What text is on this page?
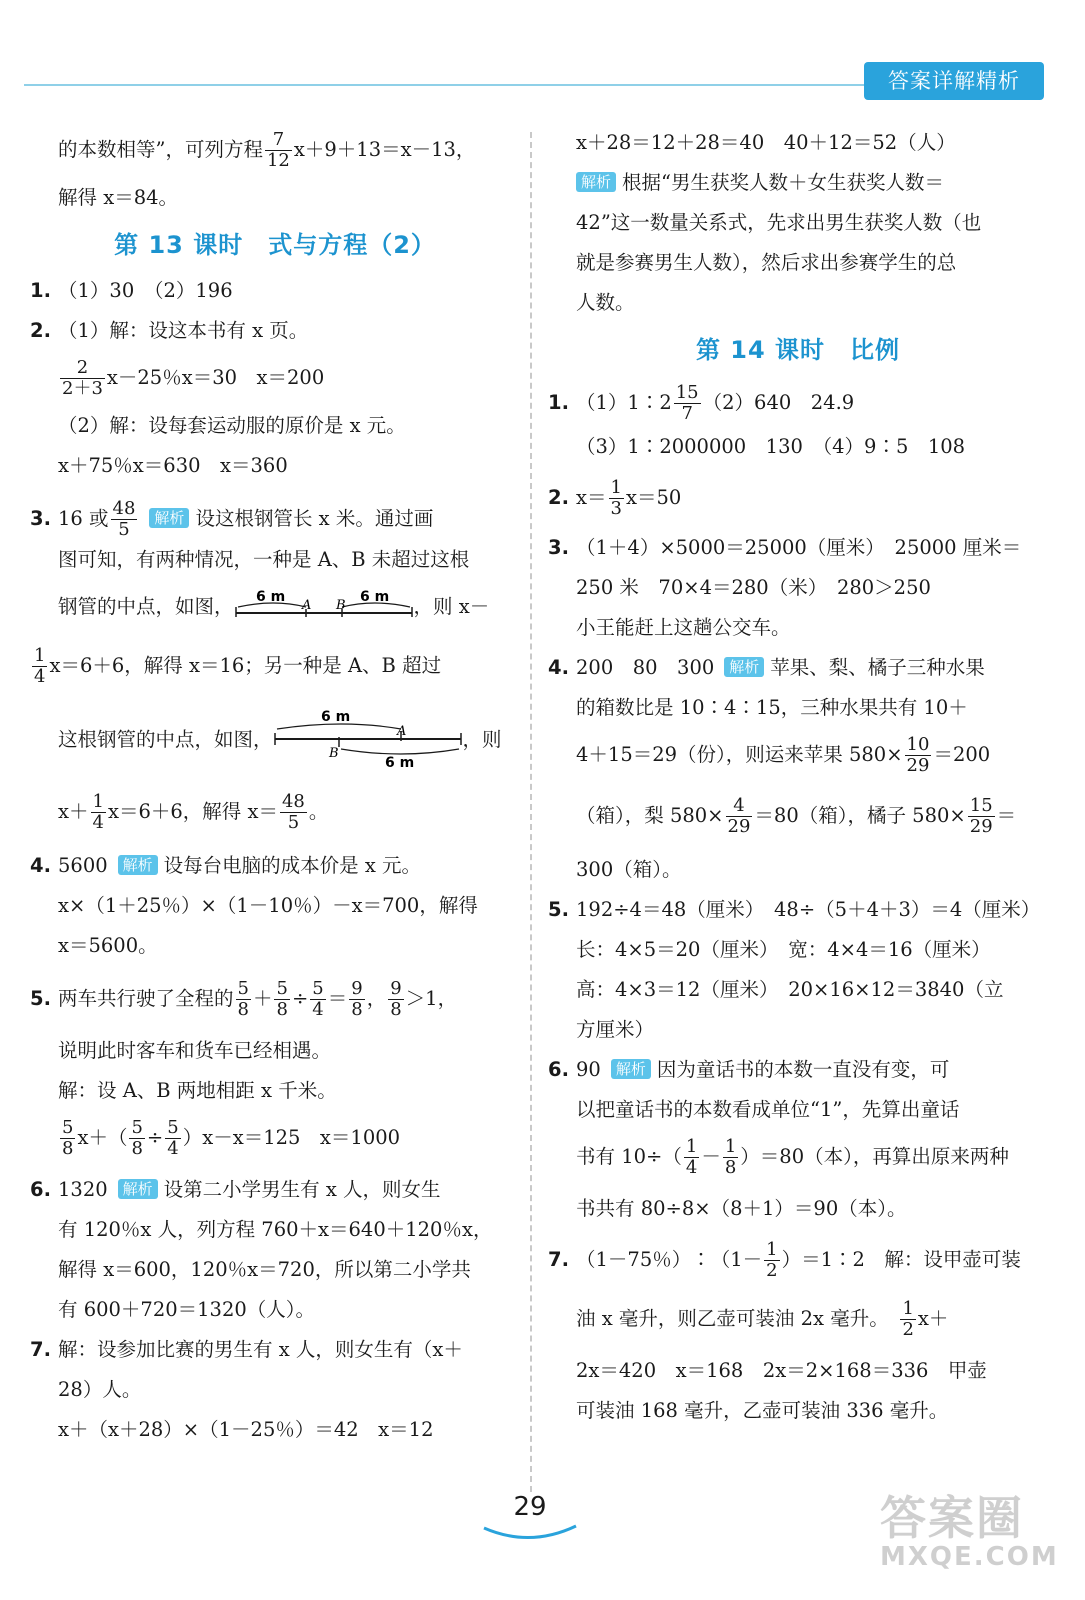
答案详解精析
的本数相等”，可列方程 $\frac{7}{12} x+9+13=x-13$，
解得 x＝84。
第 13 课时　式与方程（2）
1. （1）30　（2）196
2. （1）解：设这本书有 x 页。
$\frac{2}{2+3} x-25$％x＝30　x＝200
（2）解：设每套运动服的原价是 x 元。
x＋75％x＝630　x＝360
3. 16 或 $\frac{48}{5}$ 解析 设这根钢管长 x 米。通过画
图可知，有两种情况，一种是 A、B 未超过这根
钢管的中点，如图， 6 m
A B
6 m ，则 x－
$\frac{1}{4} x=6+6$，解得 x＝16；另一种是 A、B 超过
这根钢管的中点，如图，
6 m
A
B
6 m
，则
$x+ \frac{1}{4} x=6+6$，解得 $x= \frac{48}{5}$ 。
4. 5600 解析 设每台电脑的成本价是 x 元。
x×（1＋25％）×（1－10％）－x＝700，解得
x＝5600。
5. 两车共行驶了全程的 $\frac{5}{8} + \frac{5}{8} \div \frac{5}{4} = \frac{9}{8}$ ， $\frac{9}{8} >1$，
说明此时客车和货车已经相遇。
解：设 A、B 两地相距 x 千米。
$\frac{5}{8} x+( \frac{5}{8} \div \frac{5}{4} )x-x=125$　x＝1000
6. 1320 解析 设第二小学男生有 x 人，则女生
有 120％x 人，列方程 760＋x＝640＋120％x，
解得 x＝600，120％x＝720，所以第二小学共
有 600＋720＝1320（人）。
7. 解：设参加比赛的男生有 x 人，则女生有（x＋
28）人。
x＋（x＋28）×（1－25％）＝42　x＝12
x＋28＝12＋28＝40　40＋12＝52（人）
解析 根据“男生获奖人数＋女生获奖人数＝
42”这一数量关系式，先求出男生获奖人数（也
就是参赛男生人数），然后求出参赛学生的总
人数。
第 14 课时　比例
1. （1）1∶2 $\frac{15}{7} (2)640$　24.9
（3）1∶2000000　130　（4）9∶5　108
2. $x= \frac{1}{3} x=50$
3. （1＋4）×5000＝25000（厘米）　25000 厘米＝
250 米　70×4＝280（米）　280＞250
小王能赶上这趟公交车。
4. 200　80　300 解析 苹果、梨、橘子三种水果
的箱数比是 10∶4∶15，三种水果共有 10＋
4＋15＝29（份），则运来苹果 $580\times \frac{10}{29} =200$
（箱），梨 $580\times \frac{4}{29} =80$（箱），橘子 $580\times \frac{15}{29}$ ＝
300（箱）。
5. 192÷4＝48（厘米）　48÷（5＋4＋3）＝4（厘米）
长：4×5＝20（厘米）　宽：4×4＝16（厘米）
高：4×3＝12（厘米）　20×16×12＝3840（立
方厘米）
6. 90 解析 因为童话书的本数一直没有变，可
以把童话书的本数看成单位“1”，先算出童话
书有 $10\div( \frac{1}{4} - \frac{1}{8} )=80$（本），再算出原来两种
书共有 80÷8×（8＋1）＝90（本）。
7. （1－75％）∶（1－ $\frac{1}{2}$ ）＝1∶2　解：设甲壶可装
油 x 毫升，则乙壶可装油 2x 毫升。　 $\frac{1}{2} x+$
2x＝420　x＝168　2x＝2×168＝336　甲壶
可装油 168 毫升，乙壶可装油 336 毫升。
29	答案圈
MXQE.COM
